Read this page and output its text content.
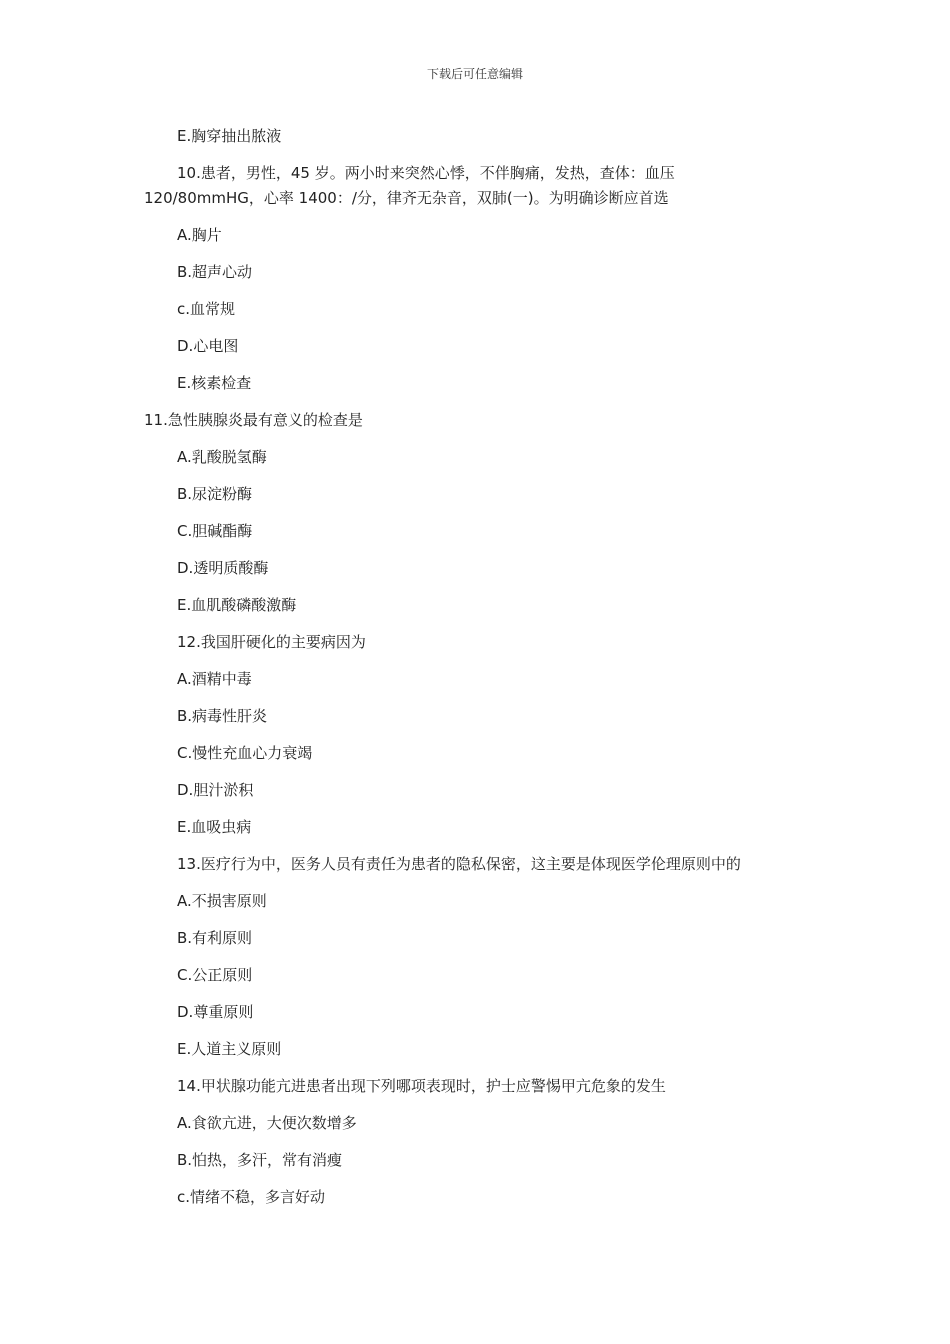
下载后可任意编辑
E.胸穿抽出脓液
10.患者，男性，45 岁。两小时来突然心悸，不伴胸痛，发热，查体：血压
120/80mmHG，心率 1400：/分，律齐无杂音，双肺(一)。为明确诊断应首选
A.胸片
B.超声心动
c.血常规
D.心电图
E.核素检查
11.急性胰腺炎最有意义的检查是
A.乳酸脱氢酶
B.尿淀粉酶
C.胆碱酯酶
D.透明质酸酶
E.血肌酸磷酸激酶
12.我国肝硬化的主要病因为
A.酒精中毒
B.病毒性肝炎
C.慢性充血心力衰竭
D.胆汁淤积
E.血吸虫病
13.医疗行为中，医务人员有责任为患者的隐私保密，这主要是体现医学伦理原则中的
A.不损害原则
B.有利原则
C.公正原则
D.尊重原则
E.人道主义原则
14.甲状腺功能亢进患者出现下列哪项表现时，护士应警惕甲亢危象的发生
A.食欲亢进，大便次数增多
B.怕热，多汗，常有消瘦
c.情绪不稳，多言好动
